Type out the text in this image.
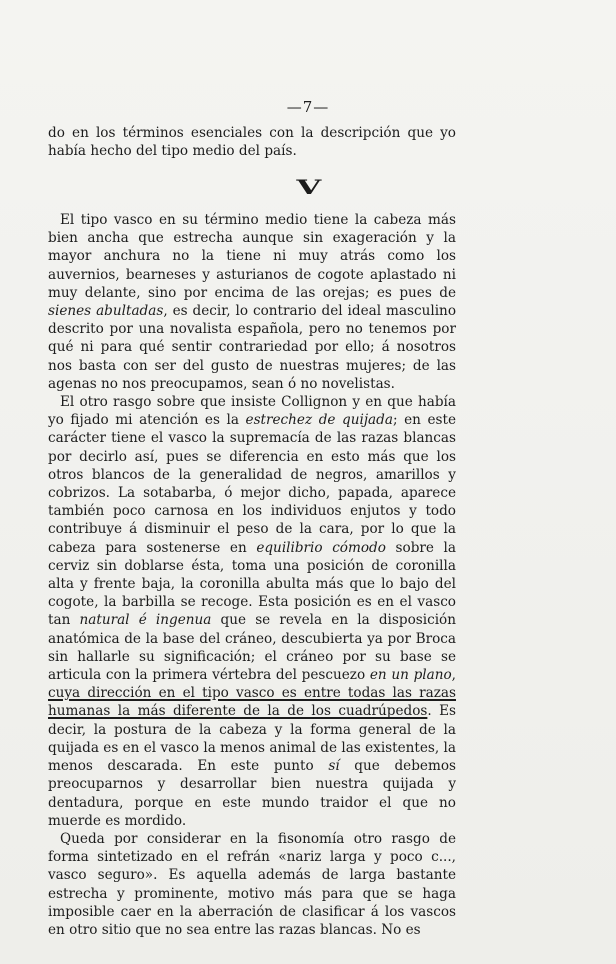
—7—

do en los términos esenciales con la descripción que yo había hecho del tipo medio del país.

V

El tipo vasco en su término medio tiene la cabeza más bien ancha que estrecha aunque sin exageración y la mayor anchura no la tiene ni muy atrás como los auvernios, bearneses y asturianos de cogote aplastado ni muy delante, sino por encima de las orejas; es pues de sienes abultadas, es decir, lo contrario del ideal masculino descrito por una novalista española, pero no tenemos por qué ni para qué sentir contrariedad por ello; á nosotros nos basta con ser del gusto de nuestras mujeres; de las agenas no nos preocupamos, sean ó no novelistas.

El otro rasgo sobre que insiste Collignon y en que había yo fijado mi atención es la estrechez de quijada; en este carácter tiene el vasco la supremacía de las razas blancas por decirlo así, pues se diferencia en esto más que los otros blancos de la generalidad de negros, amarillos y cobrizos. La sotabarba, ó mejor dicho, papada, aparece también poco carnosa en los individuos enjutos y todo contribuye á disminuir el peso de la cara, por lo que la cabeza para sostenerse en equilibrio cómodo sobre la cerviz sin doblarse ésta, toma una posición de coronilla alta y frente baja, la coronilla abulta más que lo bajo del cogote, la barbilla se recoge. Esta posición es en el vasco tan natural é ingenua que se revela en la disposición anatómica de la base del cráneo, descubierta ya por Broca sin hallarle su significación; el cráneo por su base se articula con la primera vértebra del pescuezo en un plano, cuya dirección en el tipo vasco es entre todas las razas humanas la más diferente de la de los cuadrúpedos. Es decir, la postura de la cabeza y la forma general de la quijada es en el vasco la menos animal de las existentes, la menos descarada. En este punto sí que debemos preocuparnos y desarrollar bien nuestra quijada y dentadura, porque en este mundo traidor el que no muerde es mordido.

Queda por considerar en la fisonomía otro rasgo de forma sintetizado en el refrán «nariz larga y poco c..., vasco seguro». Es aquella además de larga bastante estrecha y prominente, motivo más para que se haga imposible caer en la aberración de clasificar á los vascos en otro sitio que no sea entre las razas blancas. No es
